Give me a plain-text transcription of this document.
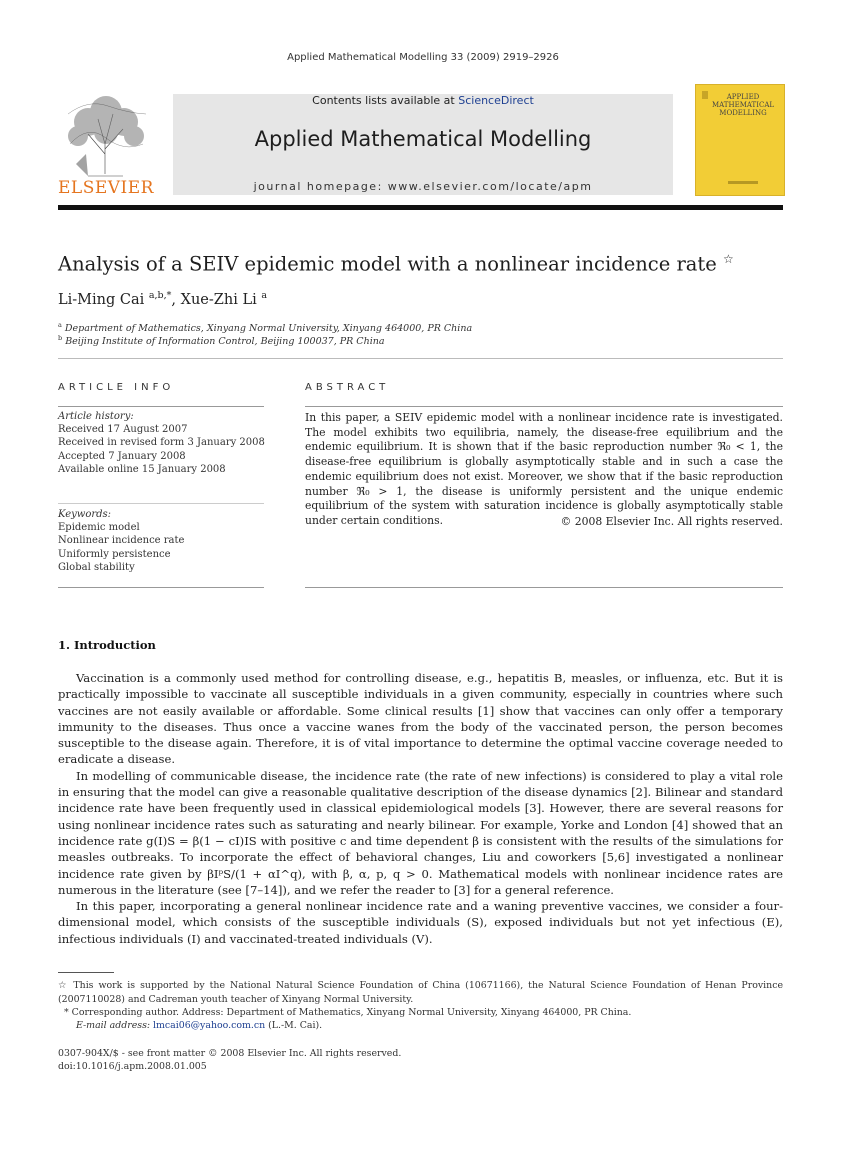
Applied Mathematical Modelling 33 (2009) 2919–2926
ELSEVIER
Contents lists available at ScienceDirect
Applied Mathematical Modelling
journal homepage: www.elsevier.com/locate/apm
APPLIED MATHEMATICAL MODELLING
Analysis of a SEIV epidemic model with a nonlinear incidence rate ☆
Li-Ming Cai $^{a,b,*}$, Xue-Zhi Li $^a$
$^a$ Department of Mathematics, Xinyang Normal University, Xinyang 464000, PR China
$^b$ Beijing Institute of Information Control, Beijing 100037, PR China
ARTICLE INFO
Article history:
Received 17 August 2007
Received in revised form 3 January 2008
Accepted 7 January 2008
Available online 15 January 2008
Keywords:
Epidemic model
Nonlinear incidence rate
Uniformly persistence
Global stability
ABSTRACT
In this paper, a SEIV epidemic model with a nonlinear incidence rate is investigated. The model exhibits two equilibria, namely, the disease-free equilibrium and the endemic equilibrium. It is shown that if the basic reproduction number ℜ₀ < 1, the disease-free equilibrium is globally asymptotically stable and in such a case the endemic equilibrium does not exist. Moreover, we show that if the basic reproduction number ℜ₀ > 1, the disease is uniformly persistent and the unique endemic equilibrium of the system with saturation incidence is globally asymptotically stable under certain conditions.	© 2008 Elsevier Inc. All rights reserved.
1. Introduction

Vaccination is a commonly used method for controlling disease, e.g., hepatitis B, measles, or influenza, etc. But it is practically impossible to vaccinate all susceptible individuals in a given community, especially in countries where such vaccines are not easily available or affordable. Some clinical results [1] show that vaccines can only offer a temporary immunity to the diseases. Thus once a vaccine wanes from the body of the vaccinated person, the person becomes susceptible to the disease again. Therefore, it is of vital importance to determine the optimal vaccine coverage needed to eradicate a disease.

In modelling of communicable disease, the incidence rate (the rate of new infections) is considered to play a vital role in ensuring that the model can give a reasonable qualitative description of the disease dynamics [2]. Bilinear and standard incidence rate have been frequently used in classical epidemiological models [3]. However, there are several reasons for using nonlinear incidence rates such as saturating and nearly bilinear. For example, Yorke and London [4] showed that an incidence rate g(I)S = β(1 − cI)IS with positive c and time dependent β is consistent with the results of the simulations for measles outbreaks. To incorporate the effect of behavioral changes, Liu and coworkers [5,6] investigated a nonlinear incidence rate given by βIᵖS/(1 + αI^q), with β, α, p, q > 0. Mathematical models with nonlinear incidence rates are numerous in the literature (see [7–14]), and we refer the reader to [3] for a general reference.

In this paper, incorporating a general nonlinear incidence rate and a waning preventive vaccines, we consider a four-dimensional model, which consists of the susceptible individuals (S), exposed individuals but not yet infectious (E), infectious individuals (I) and vaccinated-treated individuals (V).

☆ This work is supported by the National Natural Science Foundation of China (10671166), the Natural Science Foundation of Henan Province (2007110028) and Cadreman youth teacher of Xinyang Normal University.
* Corresponding author. Address: Department of Mathematics, Xinyang Normal University, Xinyang 464000, PR China.
E-mail address: lmcai06@yahoo.com.cn (L.-M. Cai).
0307-904X/$ - see front matter © 2008 Elsevier Inc. All rights reserved.
doi:10.1016/j.apm.2008.01.005
